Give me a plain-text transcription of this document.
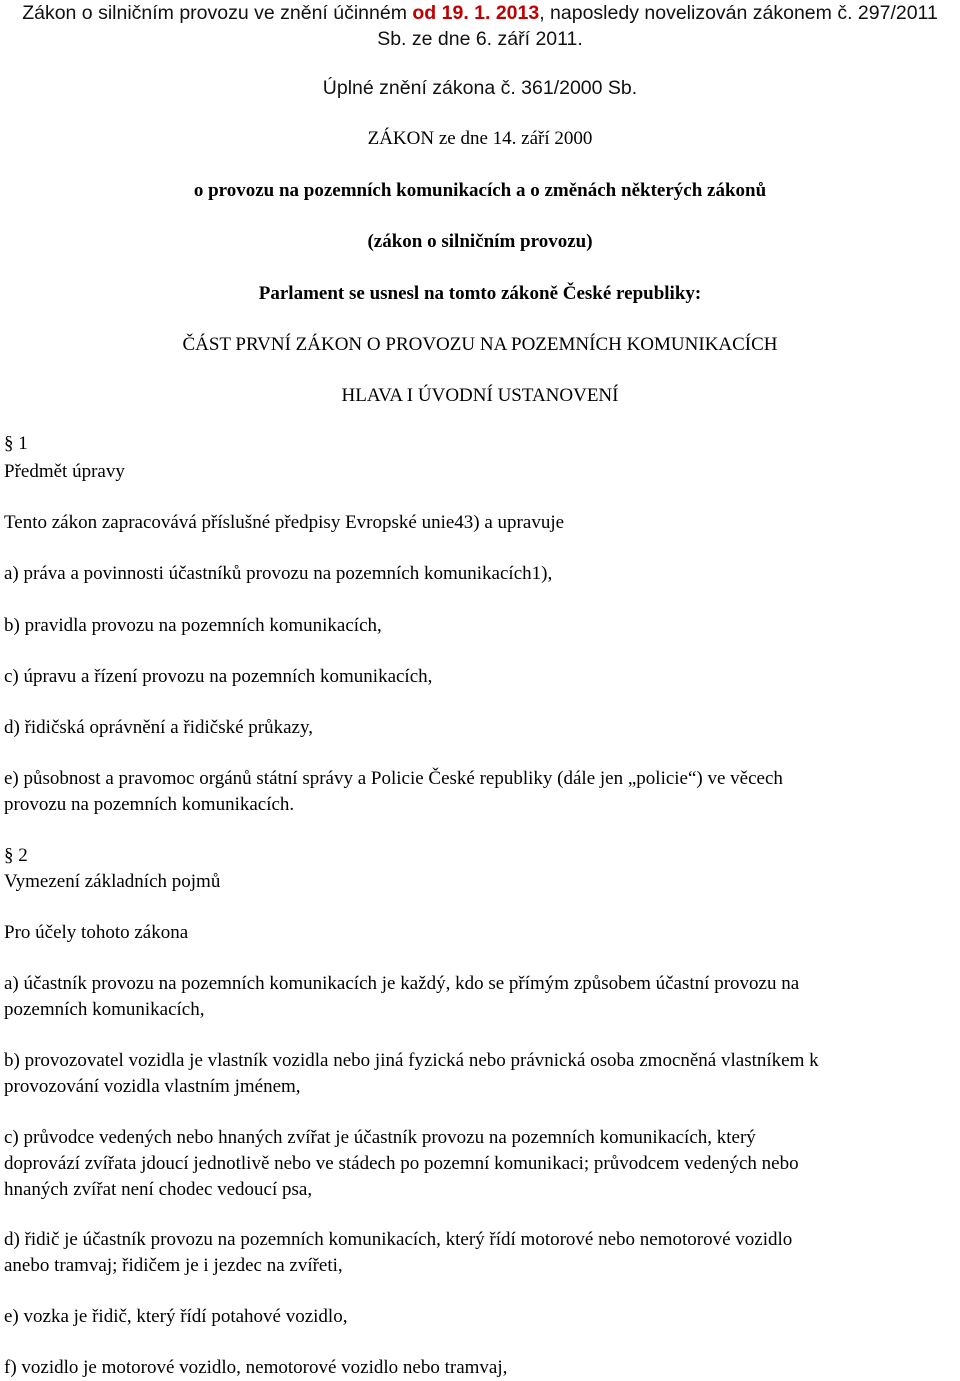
Zákon o silničním provozu ve znění účinném od 19. 1. 2013, naposledy novelizován zákonem č. 297/2011
Sb. ze dne 6. září 2011.
Úplné znění zákona č. 361/2000 Sb.
ZÁKON ze dne 14. září 2000
o provozu na pozemních komunikacích a o změnách některých zákonů
(zákon o silničním provozu)
Parlament se usnesl na tomto zákoně České republiky:
ČÁST PRVNÍ ZÁKON O PROVOZU NA POZEMNÍCH KOMUNIKACÍCH
HLAVA I ÚVODNÍ USTANOVENÍ
§ 1
Předmět úpravy
Tento zákon zapracovává příslušné předpisy Evropské unie43) a upravuje
a) práva a povinnosti účastníků provozu na pozemních komunikacích1),
b) pravidla provozu na pozemních komunikacích,
c) úpravu a řízení provozu na pozemních komunikacích,
d) řidičská oprávnění a řidičské průkazy,
e) působnost a pravomoc orgánů státní správy a Policie České republiky (dále jen „policie“) ve věcech
provozu na pozemních komunikacích.
§ 2
Vymezení základních pojmů
Pro účely tohoto zákona
a) účastník provozu na pozemních komunikacích je každý, kdo se přímým způsobem účastní provozu na
pozemních komunikacích,
b) provozovatel vozidla je vlastník vozidla nebo jiná fyzická nebo právnická osoba zmocněná vlastníkem k
provozování vozidla vlastním jménem,
c) průvodce vedených nebo hnaných zvířat je účastník provozu na pozemních komunikacích, který
doprovází zvířata jdoucí jednotlivě nebo ve stádech po pozemní komunikaci; průvodcem vedených nebo
hnaných zvířat není chodec vedoucí psa,
d) řidič je účastník provozu na pozemních komunikacích, který řídí motorové nebo nemotorové vozidlo
anebo tramvaj; řidičem je i jezdec na zvířeti,
e) vozka je řidič, který řídí potahové vozidlo,
f) vozidlo je motorové vozidlo, nemotorové vozidlo nebo tramvaj,
